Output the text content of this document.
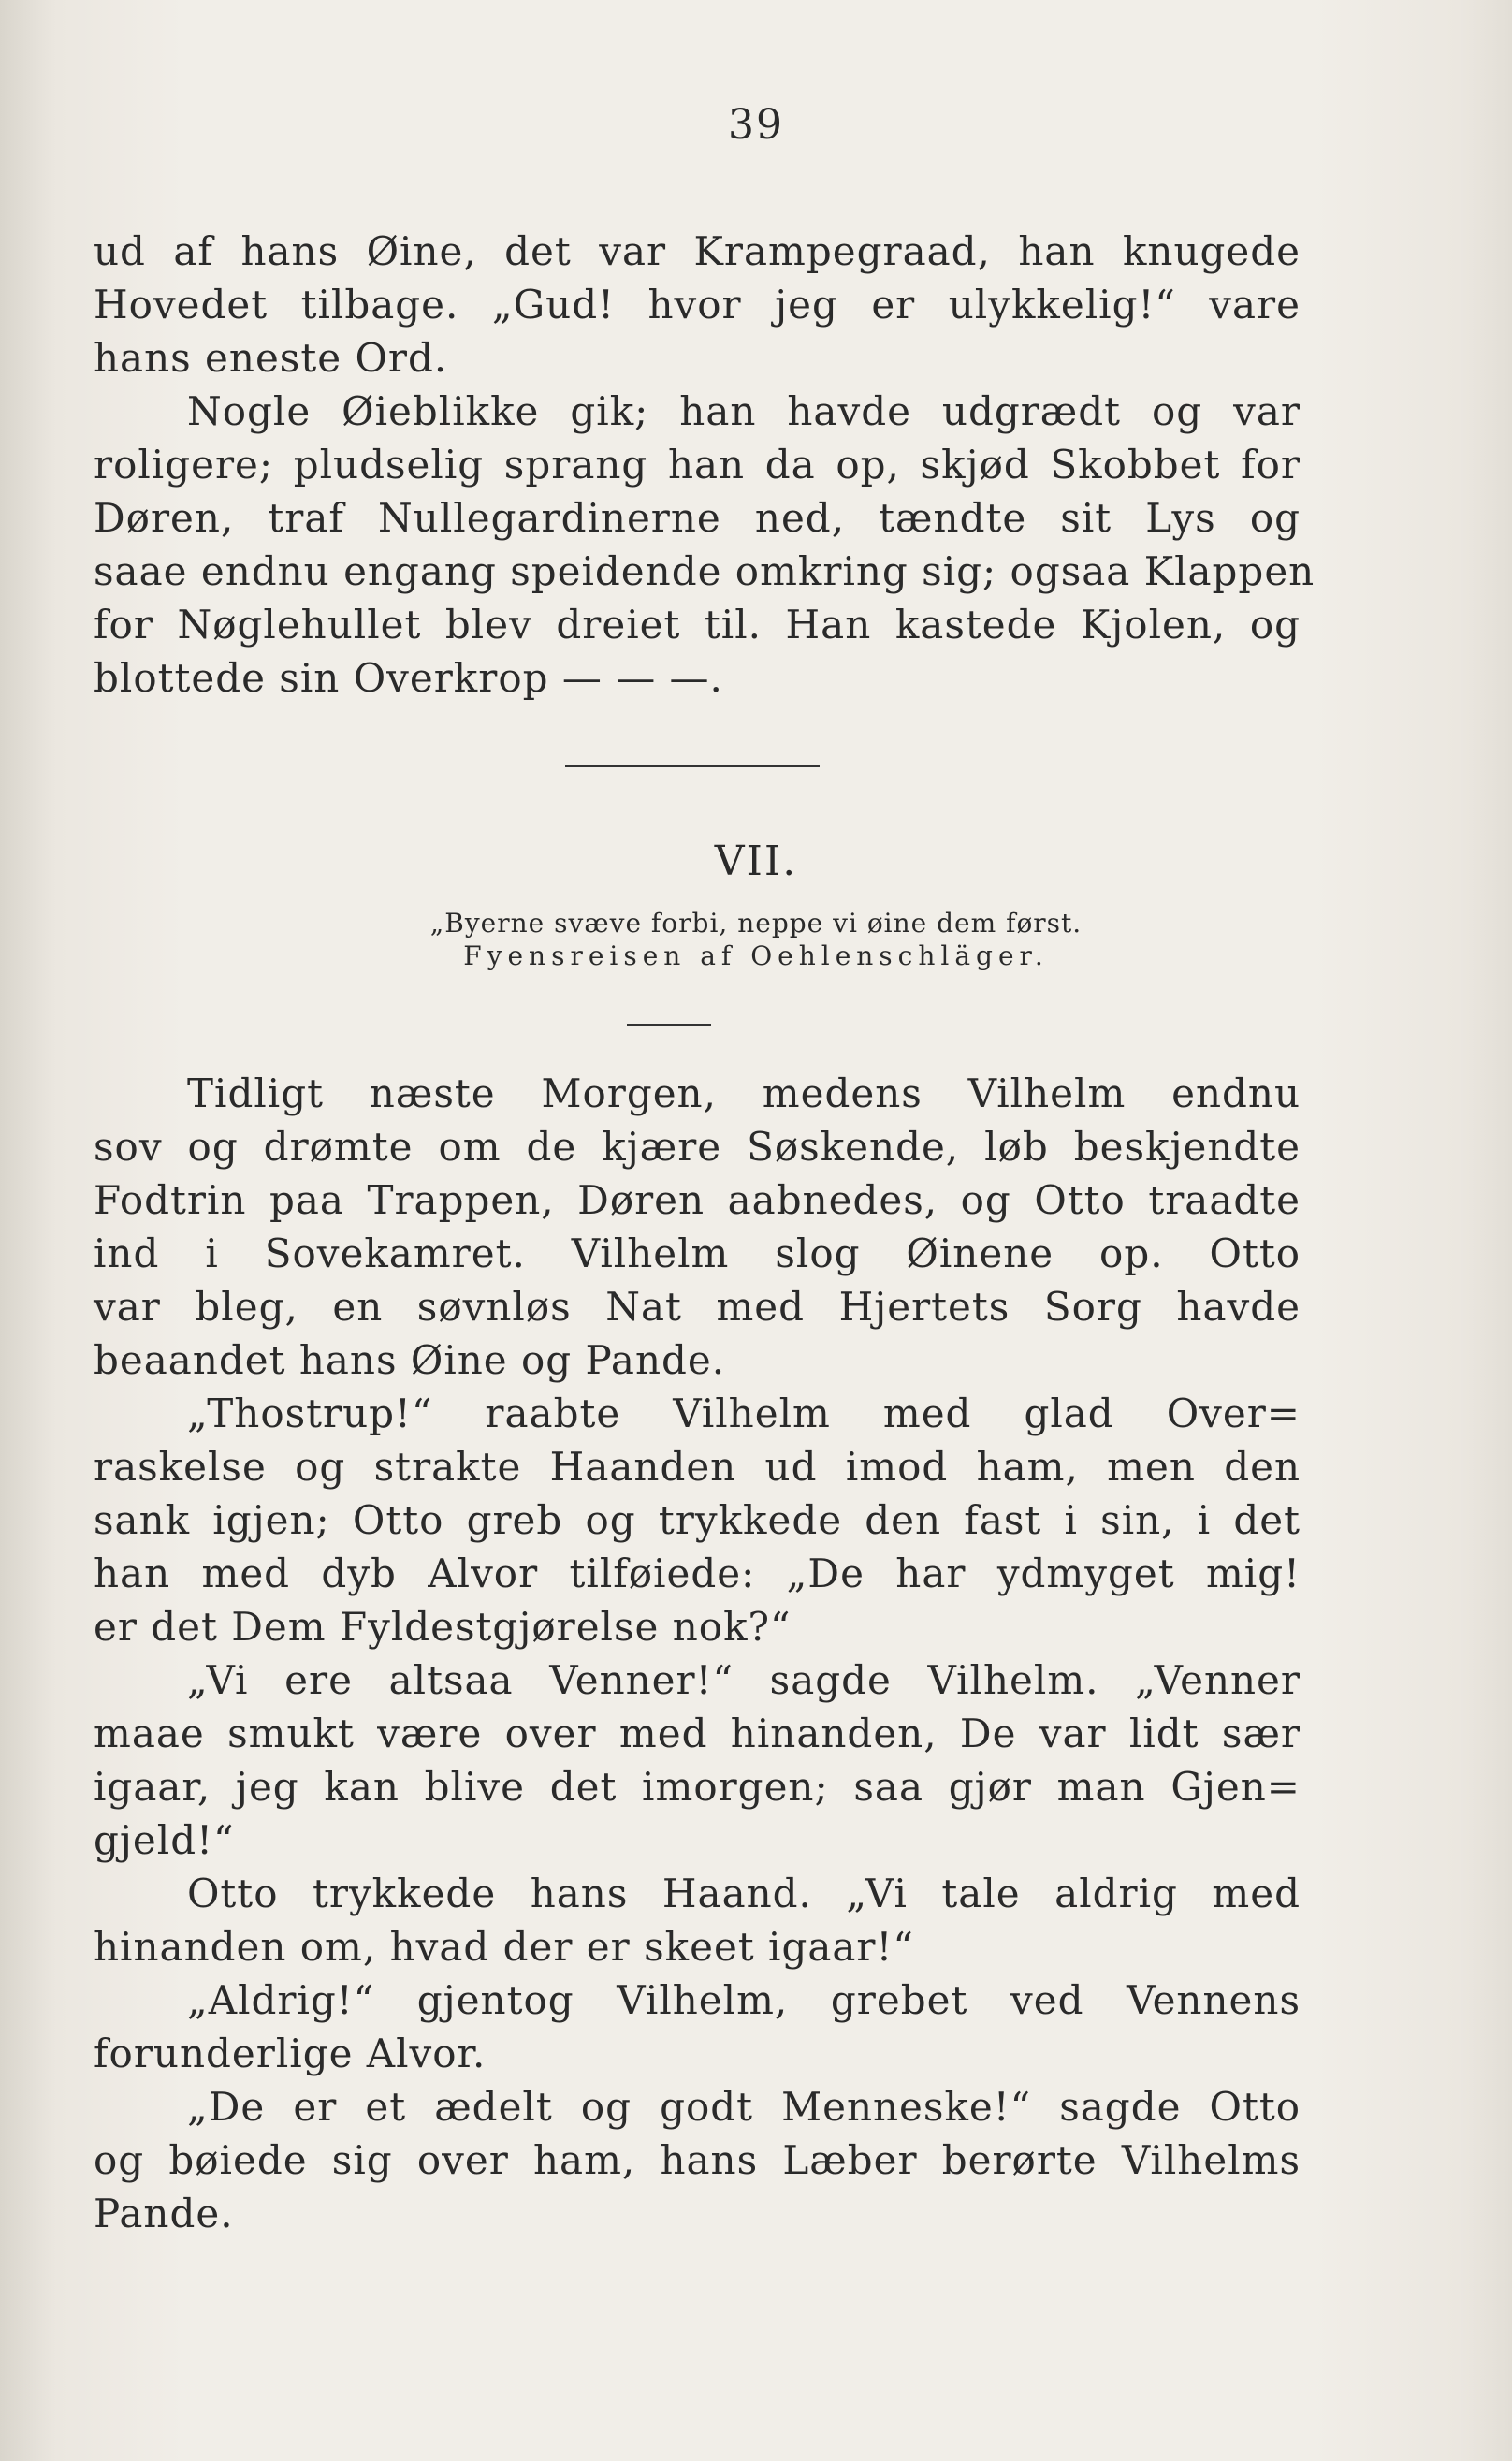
39
ud af hans Øine, det var Krampegraad, han knugede
Hovedet tilbage. „Gud! hvor jeg er ulykkelig!“ vare
hans eneste Ord.
Nogle Øieblikke gik; han havde udgrædt og var
roligere; pludselig sprang han da op, skjød Skobbet for
Døren, traf Nullegardinerne ned, tændte sit Lys og
saae endnu engang speidende omkring sig; ogsaa Klappen
for Nøglehullet blev dreiet til. Han kastede Kjolen, og
blottede sin Overkrop — — —.
VII.
„Byerne svæve forbi, neppe vi øine dem først.
Fyensreisen af Oehlenschläger.
Tidligt næste Morgen, medens Vilhelm endnu
sov og drømte om de kjære Søskende, løb beskjendte
Fodtrin paa Trappen, Døren aabnedes, og Otto traadte
ind i Sovekamret. Vilhelm slog Øinene op. Otto
var bleg, en søvnløs Nat med Hjertets Sorg havde
beaandet hans Øine og Pande.
„Thostrup!“ raabte Vilhelm med glad Over=
raskelse og strakte Haanden ud imod ham, men den
sank igjen; Otto greb og trykkede den fast i sin, i det
han med dyb Alvor tilføiede: „De har ydmyget mig!
er det Dem Fyldestgjørelse nok?“
„Vi ere altsaa Venner!“ sagde Vilhelm. „Venner
maae smukt være over med hinanden, De var lidt sær
igaar, jeg kan blive det imorgen; saa gjør man Gjen=
gjeld!“
Otto trykkede hans Haand. „Vi tale aldrig med
hinanden om, hvad der er skeet igaar!“
„Aldrig!“ gjentog Vilhelm, grebet ved Vennens
forunderlige Alvor.
„De er et ædelt og godt Menneske!“ sagde Otto
og bøiede sig over ham, hans Læber berørte Vilhelms
Pande.
